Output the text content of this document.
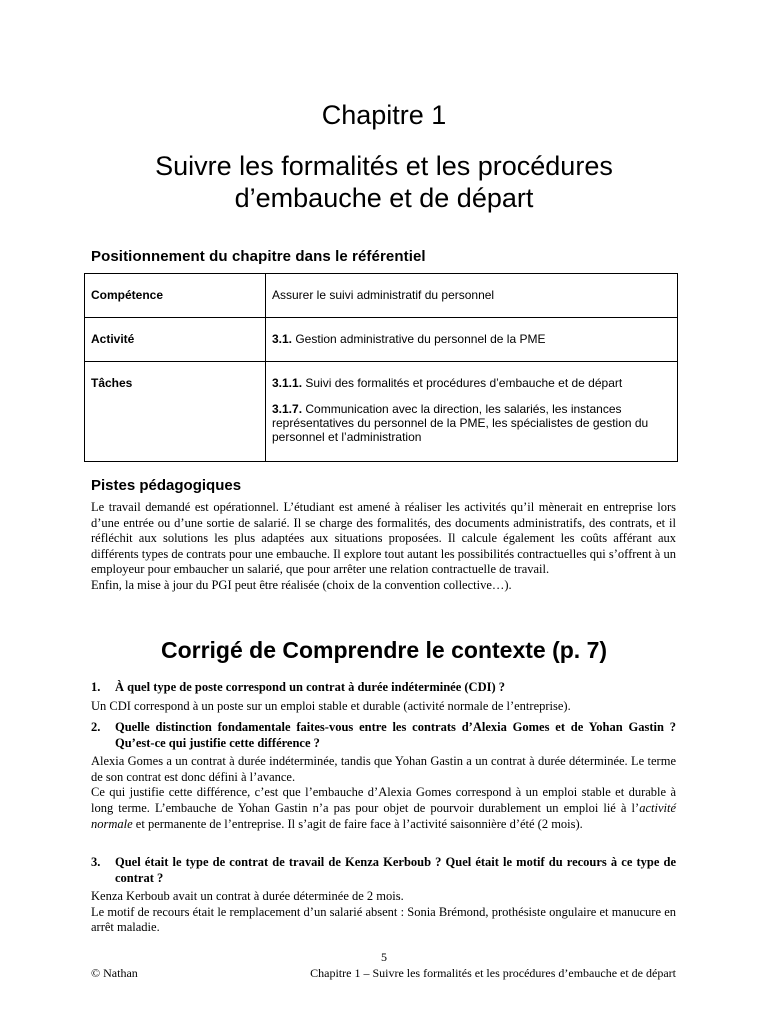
Chapitre 1
Suivre les formalités et les procédures
d’embauche et de départ
Positionnement du chapitre dans le référentiel
Compétence	Assurer le suivi administratif du personnel
Activité	3.1. Gestion administrative du personnel de la PME
Tâches	3.1.1. Suivi des formalités et procédures d’embauche et de départ

3.1.7. Communication avec la direction, les salariés, les instances représentatives du personnel de la PME, les spécialistes de gestion du personnel et l’administration

Pistes pédagogiques

Le travail demandé est opérationnel. L’étudiant est amené à réaliser les activités qu’il mènerait en entreprise lors d’une entrée ou d’une sortie de salarié. Il se charge des formalités, des documents administratifs, des contrats, et il réfléchit aux solutions les plus adaptées aux situations proposées. Il calcule également les coûts afférant aux différents types de contrats pour une embauche. Il explore tout autant les possibilités contractuelles qui s’offrent à un employeur pour embaucher un salarié, que pour arrêter une relation contractuelle de travail.

Enfin, la mise à jour du PGI peut être réalisée (choix de la convention collective…).

Corrigé de Comprendre le contexte (p. 7)
1.	À quel type de poste correspond un contrat à durée indéterminée (CDI) ?

Un CDI correspond à un poste sur un emploi stable et durable (activité normale de l’entreprise).

2.	Quelle distinction fondamentale faites-vous entre les contrats d’Alexia Gomes et de Yohan Gastin ? Qu’est-ce qui justifie cette différence ?

Alexia Gomes a un contrat à durée indéterminée, tandis que Yohan Gastin a un contrat à durée déterminée. Le terme de son contrat est donc défini à l’avance.

Ce qui justifie cette différence, c’est que l’embauche d’Alexia Gomes correspond à un emploi stable et durable à long terme. L’embauche de Yohan Gastin n’a pas pour objet de pourvoir durablement un emploi lié à l’activité normale et permanente de l’entreprise. Il s’agit de faire face à l’activité saisonnière d’été (2 mois).

3.	Quel était le type de contrat de travail de Kenza Kerboub ? Quel était le motif du recours à ce type de contrat ?

Kenza Kerboub avait un contrat à durée déterminée de 2 mois.

Le motif de recours était le remplacement d’un salarié absent : Sonia Brémond, prothésiste ongulaire et manucure en arrêt maladie.

5
© Nathan	Chapitre 1 – Suivre les formalités et les procédures d’embauche et de départ
